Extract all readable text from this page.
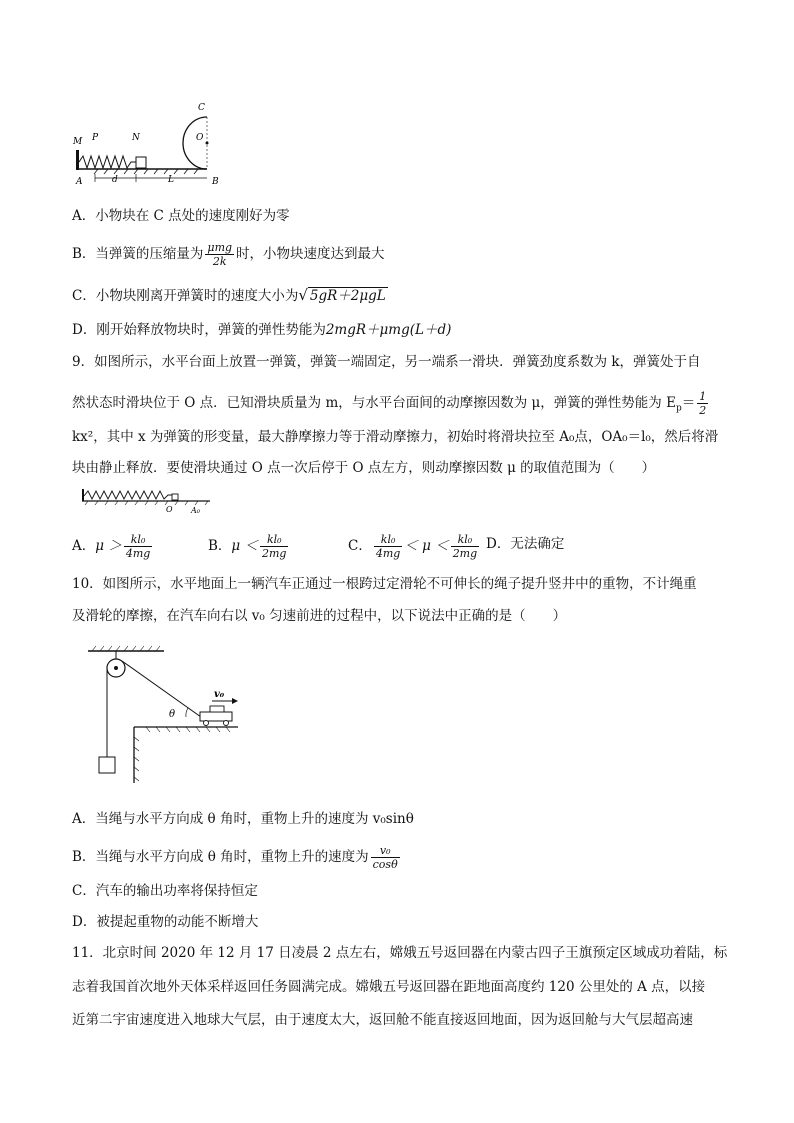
M P	N
C
O
A	d	L	B
A．小物块在 C 点处的速度刚好为零
B．当弹簧的压缩量为 $\frac{\text{μmg}}{2k}$ 时，小物块速度达到最大
C．小物块刚离开弹簧时的速度大小为√ 5gR＋2μgL
D．刚开始释放物块时，弹簧的弹性势能为2mgR＋μmg(L＋d)
9．如图所示，水平台面上放置一弹簧，弹簧一端固定，另一端系一滑块．弹簧劲度系数为 k，弹簧处于自
然状态时滑块位于 O 点．已知滑块质量为 m，与水平台面间的动摩擦因数为 μ，弹簧的弹性势能为 $E_p= \frac{1}{2}$
kx²，其中 x 为弹簧的形变量，最大静摩擦力等于滑动摩擦力，初始时将滑块拉至 A₀点，OA₀＝l₀，然后将滑
块由静止释放．要使滑块通过 O 点一次后停于 O 点左方，则动摩擦因数 μ 的取值范围为（　　）
O A₀
A．$\mu > \frac{\text{kl₀}}{4mg}$	B．$\mu < \frac{\text{kl₀}}{2mg}$	C． $\frac{\text{kl₀}}{4mg} < \mu < \frac{\text{kl₀}}{2mg}$ D．无法确定
10．如图所示，水平地面上一辆汽车正通过一根跨过定滑轮不可伸长的绳子提升竖井中的重物，不计绳重
及滑轮的摩擦，在汽车向右以 v₀ 匀速前进的过程中，以下说法中正确的是（　　）
θ
v₀
A．当绳与水平方向成 θ 角时，重物上升的速度为 v₀sinθ
B．当绳与水平方向成 θ 角时，重物上升的速度为 $\frac{\text{v₀}}{\cos\theta}$
C．汽车的输出功率将保持恒定
D．被提起重物的动能不断增大
11．北京时间 2020 年 12 月 17 日凌晨 2 点左右，嫦娥五号返回器在内蒙古四子王旗预定区域成功着陆，标
志着我国首次地外天体采样返回任务圆满完成。嫦娥五号返回器在距地面高度约 120 公里处的 A 点，以接
近第二宇宙速度进入地球大气层，由于速度太大，返回舱不能直接返回地面，因为返回舱与大气层超高速
